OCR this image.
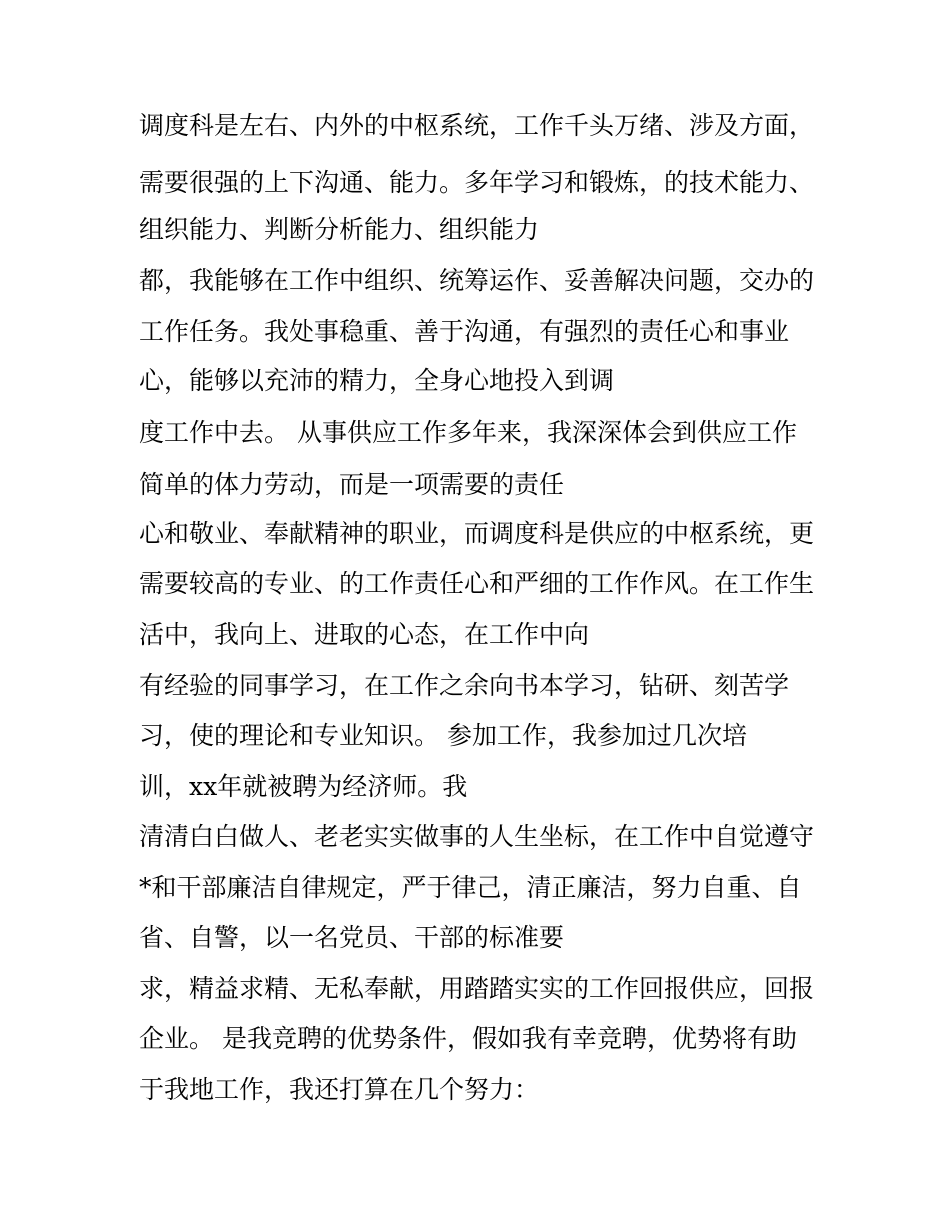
调度科是左右、内外的中枢系统，工作千头万绪、涉及方面，

需要很强的上下沟通、能力。多年学习和锻炼，的技术能力、

组织能力、判断分析能力、组织能力

都，我能够在工作中组织、统筹运作、妥善解决问题，交办的

工作任务。我处事稳重、善于沟通，有强烈的责任心和事业

心，能够以充沛的精力，全身心地投入到调

度工作中去。 从事供应工作多年来，我深深体会到供应工作

简单的体力劳动，而是一项需要的责任

心和敬业、奉献精神的职业，而调度科是供应的中枢系统，更

需要较高的专业、的工作责任心和严细的工作作风。在工作生

活中，我向上、进取的心态，在工作中向

有经验的同事学习，在工作之余向书本学习，钻研、刻苦学

习，使的理论和专业知识。 参加工作，我参加过几次培

训，xx年就被聘为经济师。我

清清白白做人、老老实实做事的人生坐标，在工作中自觉遵守

*和干部廉洁自律规定，严于律己，清正廉洁，努力自重、自

省、自警，以一名党员、干部的标准要

求，精益求精、无私奉献，用踏踏实实的工作回报供应，回报

企业。 是我竞聘的优势条件，假如我有幸竞聘，优势将有助

于我地工作，我还打算在几个努力：
